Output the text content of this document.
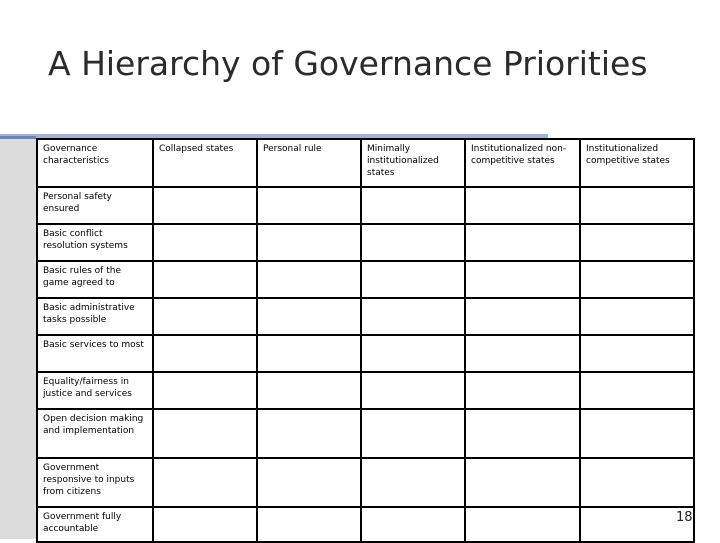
A Hierarchy of Governance Priorities
Governance characteristics	Collapsed states	Personal rule	Minimally institutionalized states	Institutionalized non-competitive states	Institutionalized competitive states
Personal safety ensured					
Basic conflict resolution systems					
Basic rules of the game agreed to					
Basic administrative tasks possible					
Basic services to most					
Equality/fairness in justice and services					
Open decision making and implementation					
Government responsive to inputs from citizens					
Government fully accountable					
18
